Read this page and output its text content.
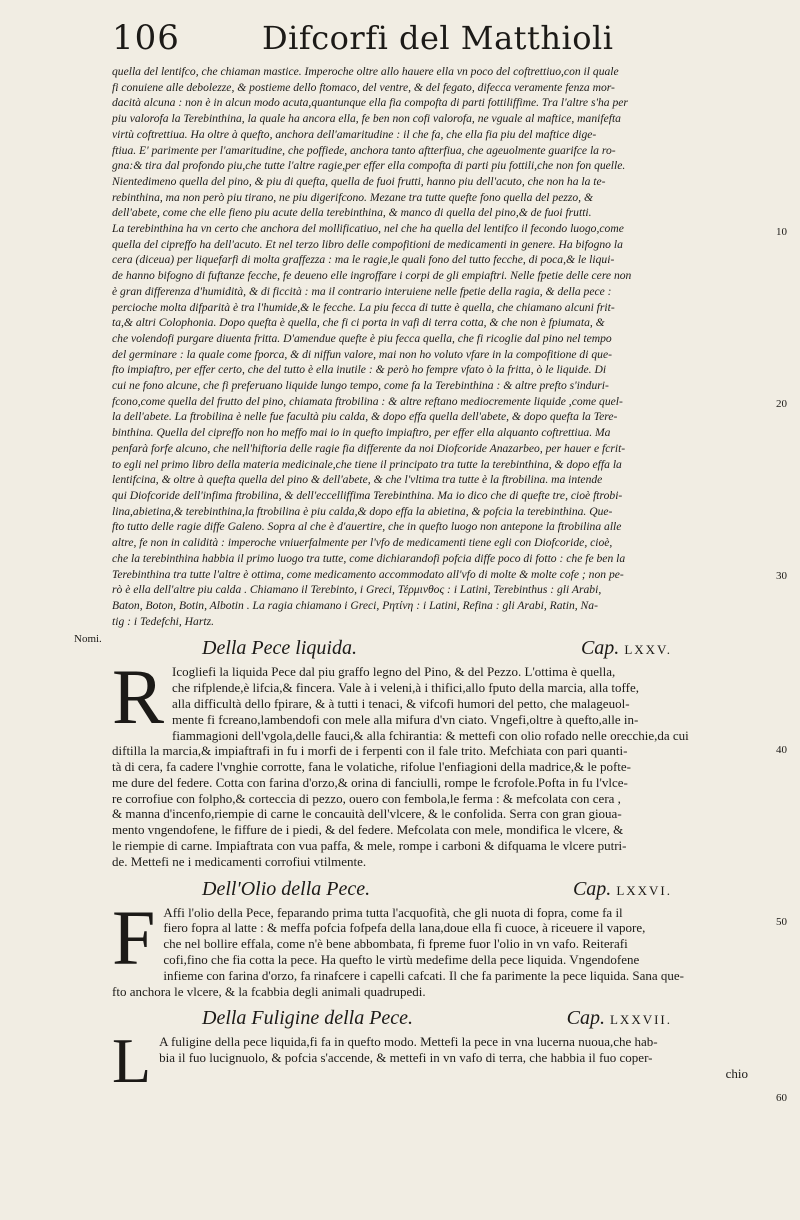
106	Difcorfi del Matthioli

quella del lentifco, che chiaman mastice. Imperoche oltre allo hauere ella vn poco del coftrettiuo,con il quale

fi conuiene alle debolezze, & postieme dello ftomaco, del ventre, & del fegato, difecca veramente fenza mor-

dacità alcuna : non è in alcun modo acuta,quantunque ella fia compofta di parti fottiliffime. Tra l'altre s'ha per

piu valorofa la Terebinthina, la quale ha ancora ella, fe ben non cofi valorofa, ne vguale al maftice, manifefta

virtù coftrettiua. Ha oltre à quefto, anchora dell'amaritudine : il che fa, che ella fia piu del maftice dige-

ftiua. E' parimente per l'amaritudine, che poffiede, anchora tanto aftterfiua, che ageuolmente guarifce la ro-

gna:& tira dal profondo piu,che tutte l'altre ragie,per effer ella compofta di parti piu fottili,che non fon quelle.

Nientedimeno quella del pino, & piu di quefta, quella de fuoi frutti, hanno piu dell'acuto, che non ha la te-

rebinthina, ma non però piu tirano, ne piu digerifcono. Mezane tra tutte quefte fono quella del pezzo, &

dell'abete, come che elle fieno piu acute della terebinthina, & manco di quella del pino,& de fuoi frutti.

La terebinthina ha vn certo che anchora del mollificatiuo, nel che ha quella del lentifco il fecondo luogo,come

quella del cipreffo ha dell'acuto. Et nel terzo libro delle compofitioni de medicamenti in genere. Ha bifogno la

cera (diceua) per liquefarfi di molta graffezza : ma le ragie,le quali fono del tutto fecche, di poca,& le liqui-

de hanno bifogno di fuftanze fecche, fe deueno elle ingroffare i corpi de gli empiaftri. Nelle fpetie delle cere non

è gran differenza d'humidità, & di ficcità : ma il contrario interuiene nelle fpetie della ragia, & della pece :

percioche molta difparità è tra l'humide,& le fecche. La piu fecca di tutte è quella, che chiamano alcuni frit-

ta,& altri Colophonia. Dopo quefta è quella, che fi ci porta in vafi di terra cotta, & che non è fpiumata, &

che volendofi purgare diuenta fritta. D'amendue quefte è piu fecca quella, che fi ricoglie dal pino nel tempo

del germinare : la quale come fporca, & di niffun valore, mai non ho voluto vfare in la compofitione di que-

fto impiaftro, per effer certo, che del tutto è ella inutile : & però ho fempre vfato ò la fritta, ò le liquide. Di

cui ne fono alcune, che fi preferuano liquide lungo tempo, come fa la Terebinthina : & altre prefto s'induri-

fcono,come quella del frutto del pino, chiamata ftrobilina : & altre reftano mediocremente liquide ,come quel-

la dell'abete. La ftrobilina è nelle fue facultà piu calda, & dopo effa quella dell'abete, & dopo quefta la Tere-

binthina. Quella del cipreffo non ho meffo mai io in quefto impiaftro, per effer ella alquanto coftrettiua. Ma

penfarà forfe alcuno, che nell'hiftoria delle ragie fia differente da noi Diofcoride Anazarbeo, per hauer e fcrit-

to egli nel primo libro della materia medicinale,che tiene il principato tra tutte la terebinthina, & dopo effa la

lentifcina, & oltre à quefta quella del pino & dell'abete, & che l'vltima tra tutte è la ftrobilina. ma intende

qui Diofcoride dell'infima ftrobilina, & dell'eccelliffima Terebinthina. Ma io dico che di quefte tre, cioè ftrobi-

lina,abietina,& terebinthina,la ftrobilina è piu calda,& dopo effa la abietina, & pofcia la terebinthina. Que-

fto tutto delle ragie diffe Galeno. Sopra al che è d'auertire, che in quefto luogo non antepone la ftrobilina alle

altre, fe non in calidità : imperoche vniuerfalmente per l'vfo de medicamenti tiene egli con Diofcoride, cioè,

che la terebinthina habbia il primo luogo tra tutte, come dichiarandofi pofcia diffe poco di fotto : che fe ben la

Terebinthina tra tutte l'altre è ottima, come medicamento accommodato all'vfo di molte & molte cofe ; non pe-

rò è ella dell'altre piu calda . Chiamano il Terebinto, i Greci, Τέρμινθος : i Latini, Terebinthus : gli Arabi,

Baton, Boton, Botin, Albotin . La ragia chiamano i Greci, Ρητίνη : i Latini, Refina : gli Arabi, Ratin, Na-

tig : i Tedefchi, Hartz.

Della Pece liquida.	Cap. LXXV.
R Icogliefi la liquida Pece dal piu graffo legno del Pino, & del Pezzo. L'ottima è quella,

che rifplende,è lifcia,& fincera. Vale à i veleni,à i thifici,allo fputo della marcia, alla toffe,

alla difficultà dello fpirare, & à tutti i tenaci, & vifcofi humori del petto, che malageuol-

mente fi fcreano,lambendofi con mele alla mifura d'vn ciato. Vngefi,oltre à quefto,alle in-

fiammagioni dell'vgola,delle fauci,& alla fchirantia: & mettefi con olio rofado nelle orecchie,da cui

diftilla la marcia,& impiaftrafi in fu i morfi de i ferpenti con il fale trito. Mefchiata con pari quanti-

tà di cera, fa cadere l'vnghie corrotte, fana le volatiche, rifolue l'enfiagioni della madrice,& le pofte-

me dure del federe. Cotta con farina d'orzo,& orina di fanciulli, rompe le fcrofole.Pofta in fu l'vlce-

re corrofiue con folpho,& corteccia di pezzo, ouero con fembola,le ferma : & mefcolata con cera ,

& manna d'incenfo,riempie di carne le concauità dell'vlcere, & le confolida. Serra con gran gioua-

mento vngendofene, le fiffure de i piedi, & del federe. Mefcolata con mele, mondifica le vlcere, &

le riempie di carne. Impiaftrata con vua paffa, & mele, rompe i carboni & difquama le vlcere putri-

de. Mettefi ne i medicamenti corrofiui vtilmente.

Dell'Olio della Pece.	Cap. LXXVI.
F Affi l'olio della Pece, feparando prima tutta l'acquofità, che gli nuota di fopra, come fa il

fiero fopra al latte : & meffa pofcia fofpefa della lana,doue ella fi cuoce, à riceuere il vapore,

che nel bollire effala, come n'è bene abbombata, fi fpreme fuor l'olio in vn vafo. Reiterafi

cofi,fino che fia cotta la pece. Ha quefto le virtù medefime della pece liquida. Vngendofene

infieme con farina d'orzo, fa rinafcere i capelli cafcati. Il che fa parimente la pece liquida. Sana que-

fto anchora le vlcere, & la fcabbia degli animali quadrupedi.

Della Fuligine della Pece.	Cap. LXXVII.
L A fuligine della pece liquida,fi fa in quefto modo. Mettefi la pece in vna lucerna nuoua,che hab-

bia il fuo lucignuolo, & pofcia s'accende, & mettefi in vn vafo di terra, che habbia il fuo coper-

chio
10
20
30
Nomi.
40
50
60
